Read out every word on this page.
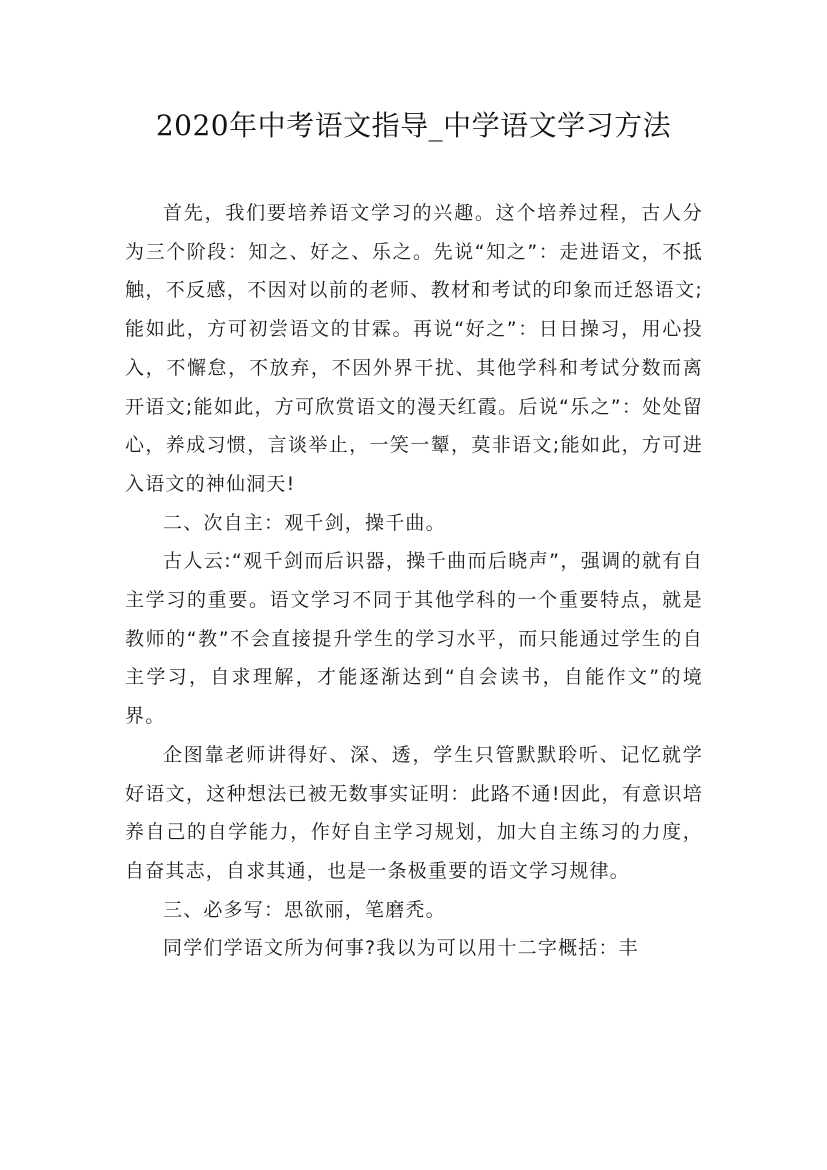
2020年中考语文指导_中学语文学习方法

首先，我们要培养语文学习的兴趣。这个培养过程，古人分为三个阶段：知之、好之、乐之。先说“知之”：走进语文，不抵触，不反感，不因对以前的老师、教材和考试的印象而迁怒语文;能如此，方可初尝语文的甘霖。再说“好之”：日日操习，用心投入，不懈怠，不放弃，不因外界干扰、其他学科和考试分数而离开语文;能如此，方可欣赏语文的漫天红霞。后说“乐之”：处处留心，养成习惯，言谈举止，一笑一颦，莫非语文;能如此，方可进入语文的神仙洞天!

二、次自主：观千剑，操千曲。

古人云:“观千剑而后识器，操千曲而后晓声”，强调的就有自主学习的重要。语文学习不同于其他学科的一个重要特点，就是教师的“教”不会直接提升学生的学习水平，而只能通过学生的自主学习，自求理解，才能逐渐达到“自会读书，自能作文”的境界。

企图靠老师讲得好、深、透，学生只管默默聆听、记忆就学好语文，这种想法已被无数事实证明：此路不通!因此，有意识培养自己的自学能力，作好自主学习规划，加大自主练习的力度，自奋其志，自求其通，也是一条极重要的语文学习规律。

三、必多写：思欲丽，笔磨秃。

同学们学语文所为何事?我以为可以用十二字概括：丰
